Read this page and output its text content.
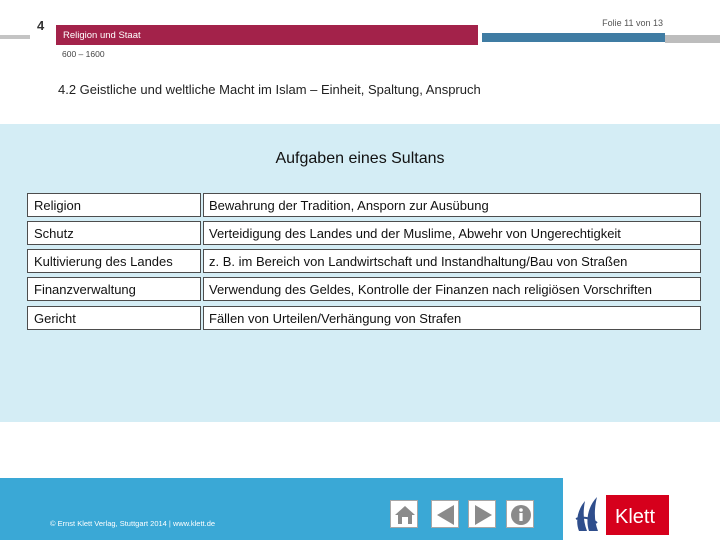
4	Folie 11 von 13
Religion und Staat
600 – 1600
4.2 Geistliche und weltliche Macht im Islam – Einheit, Spaltung, Anspruch
Aufgaben eines Sultans
Religion	Bewahrung der Tradition, Ansporn zur Ausübung
Schutz	Verteidigung des Landes und der Muslime, Abwehr von Ungerechtigkeit
Kultivierung des Landes	z. B. im Bereich von Landwirtschaft und Instandhaltung/Bau von Straßen
Finanzverwaltung	Verwendung des Geldes, Kontrolle der Finanzen nach religiösen Vorschriften
Gericht	Fällen von Urteilen/Verhängung von Strafen
© Ernst Klett Verlag, Stuttgart 2014 | www.klett.de	Klett
